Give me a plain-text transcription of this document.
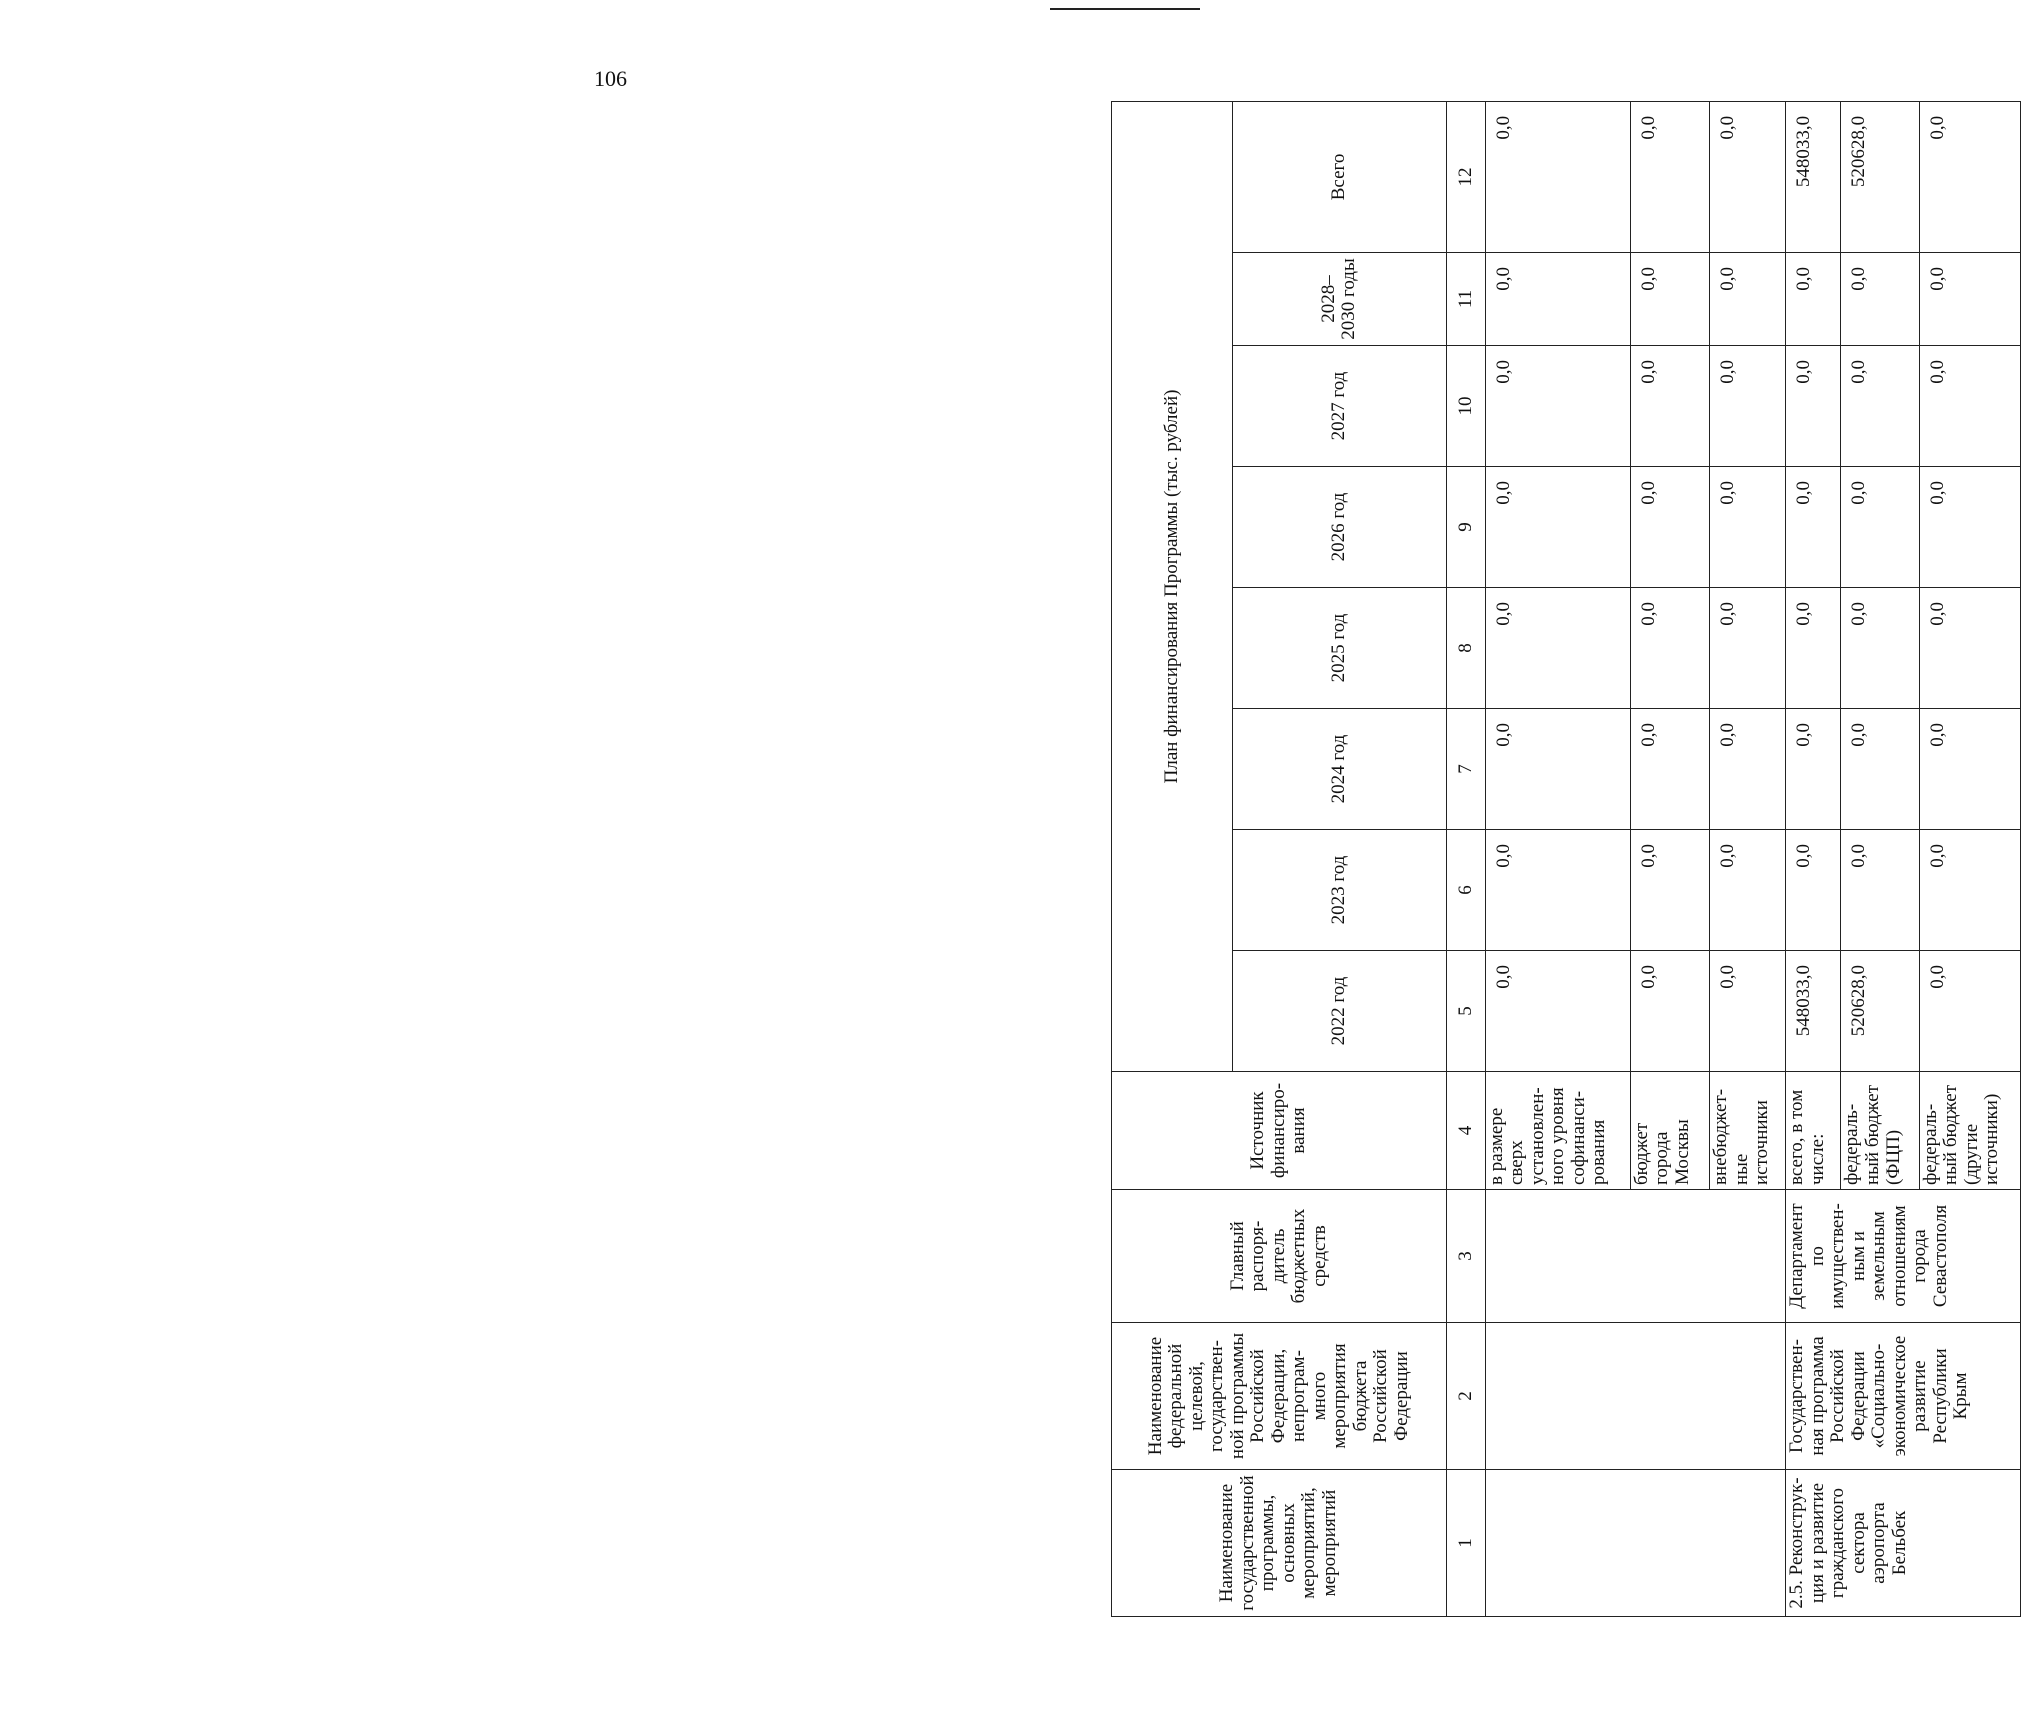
106
Наименование государственной программы, основных мероприятий, мероприятий	Наименование федеральной целевой, государствен-ной программы Российской Федерации, непрограм-много мероприятия бюджета Российской Федерации	Главный распоря-дитель бюджетных средств	Источник финансиро-вания	План финансирования Программы (тыс. рублей)							
				2022 год	2023 год	2024 год	2025 год	2026 год	2027 год	2028–2030 годы	Всего
1	2	3	4	5	6	7	8	9	10	11	12
			в размере сверх установлен-ного уровня софинанси-рования	0,0	0,0	0,0	0,0	0,0	0,0	0,0	0,0
			бюджет города Москвы	0,0	0,0	0,0	0,0	0,0	0,0	0,0	0,0
			внебюджет-ные источники	0,0	0,0	0,0	0,0	0,0	0,0	0,0	0,0
2.5. Реконструк-ция и развитие гражданского сектора аэропорта Бельбек	Государствен-ная программа Российской Федерации «Социально-экономическое развитие Республики Крым	Департамент по имуществен-ным и земельным отношениям города Севастополя	всего, в том числе:	548033,0	0,0	0,0	0,0	0,0	0,0	0,0	548033,0
			федераль-ный бюджет (ФЦП)	520628,0	0,0	0,0	0,0	0,0	0,0	0,0	520628,0
			федераль-ный бюджет (другие источники)	0,0	0,0	0,0	0,0	0,0	0,0	0,0	0,0
